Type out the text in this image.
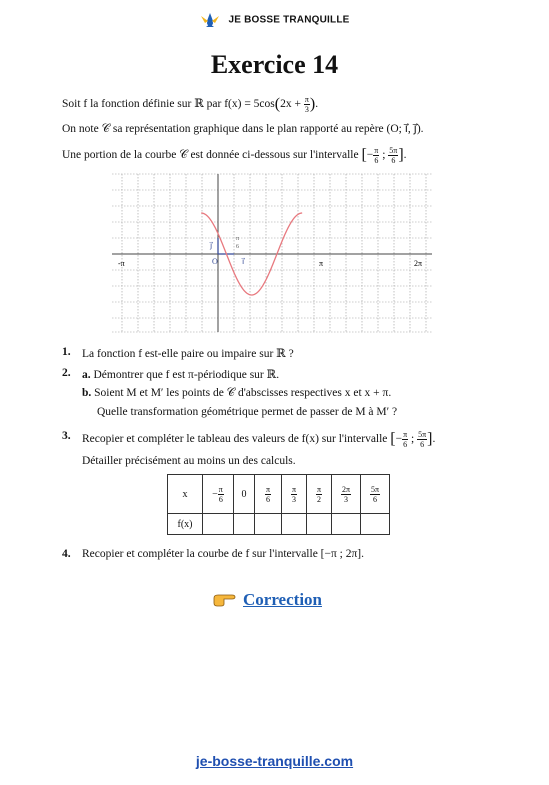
JE BOSSE TRANQUILLE
Exercice 14
Soit f la fonction définie sur ℝ par $f(x) = 5\cos(2x + \frac{\pi}{3}$ ).
On note 𝒞 sa représentation graphique dans le plan rapporté au repère (O; i⃗, j⃗).
Une portion de la courbe 𝒞 est donnée ci-dessous sur l'intervalle [− $\frac{\pi}{6}$ ; $\frac{5\pi}{6}$ ].
-π	π	2π
O	i⃗
j⃗
π
6
1. La fonction f est-elle paire ou impaire sur ℝ ?
2. a. Démontrer que f est π-périodique sur ℝ.
b. Soient M et M′ les points de 𝒞 d'abscisses respectives x et x + π.
Quelle transformation géométrique permet de passer de M à M′ ?
3. Recopier et compléter le tableau des valeurs de f(x) sur l'intervalle [− $\frac{\pi}{6}$ ; $\frac{5\pi}{6}$ ].
Détailler précisément au moins un des calculs.
x	− $\frac{\pi}{6}$	0	$\frac{\pi}{6}$	$\frac{\pi}{3}$	$\frac{\pi}{2}$	$\frac{2\pi}{3}$	$\frac{5\pi}{6}$

f(x)							
4. Recopier et compléter la courbe de f sur l'intervalle [−π ; 2π].
Correction
je-bosse-tranquille.com
